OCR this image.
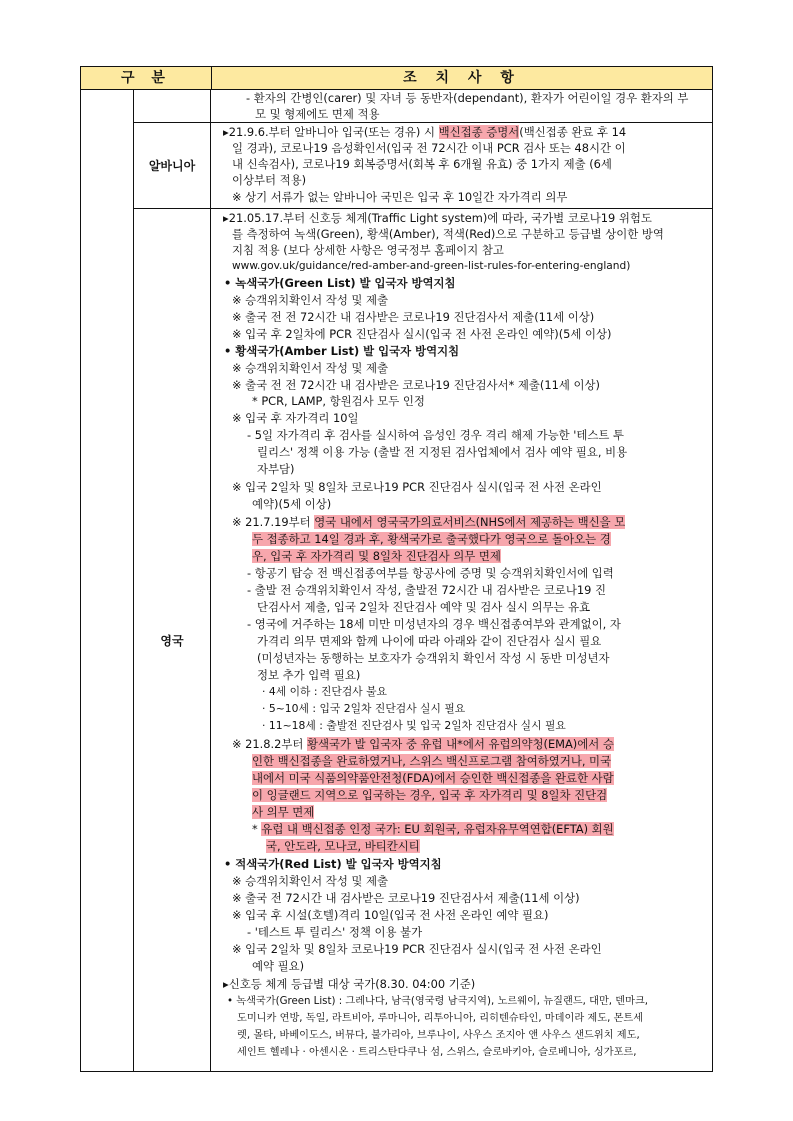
구 분	조 치 사 항
알바니아
영국
- 환자의 간병인(carer) 및 자녀 등 동반자(dependant), 환자가 어린이일 경우 환자의 부
모 및 형제에도 면제 적용
▸21.9.6.부터 알바니아 입국(또는 경유) 시 백신접종 증명서(백신접종 완료 후 14
일 경과), 코로나19 음성확인서(입국 전 72시간 이내 PCR 검사 또는 48시간 이
내 신속검사), 코로나19 회복증명서(회복 후 6개월 유효) 중 1가지 제출 (6세
이상부터 적용)
※ 상기 서류가 없는 알바니아 국민은 입국 후 10일간 자가격리 의무
▸21.05.17.부터 신호등 체계(Traffic Light system)에 따라, 국가별 코로나19 위험도
를 측정하여 녹색(Green), 황색(Amber), 적색(Red)으로 구분하고 등급별 상이한 방역
지침 적용 (보다 상세한 사항은 영국정부 홈페이지 참고
www.gov.uk/guidance/red-amber-and-green-list-rules-for-entering-england)
• 녹색국가(Green List) 발 입국자 방역지침
※ 승객위치확인서 작성 및 제출
※ 출국 전 전 72시간 내 검사받은 코로나19 진단검사서 제출(11세 이상)
※ 입국 후 2일차에 PCR 진단검사 실시(입국 전 사전 온라인 예약)(5세 이상)
• 황색국가(Amber List) 발 입국자 방역지침
※ 승객위치확인서 작성 및 제출
※ 출국 전 전 72시간 내 검사받은 코로나19 진단검사서* 제출(11세 이상)
* PCR, LAMP, 항원검사 모두 인정
※ 입국 후 자가격리 10일
- 5일 자가격리 후 검사를 실시하여 음성인 경우 격리 해제 가능한 '테스트 투
릴리스' 정책 이용 가능 (출발 전 지정된 검사업체에서 검사 예약 필요, 비용
자부담)
※ 입국 2일차 및 8일차 코로나19 PCR 진단검사 실시(입국 전 사전 온라인
예약)(5세 이상)
※ 21.7.19부터 영국 내에서 영국국가의료서비스(NHS에서 제공하는 백신을 모
두 접종하고 14일 경과 후, 황색국가로 출국했다가 영국으로 돌아오는 경
우, 입국 후 자가격리 및 8일차 진단검사 의무 면제
- 항공기 탑승 전 백신접종여부를 항공사에 증명 및 승객위치확인서에 입력
- 출발 전 승객위치확인서 작성, 출발전 72시간 내 검사받은 코로나19 진
단검사서 제출, 입국 2일차 진단검사 예약 및 검사 실시 의무는 유효
- 영국에 거주하는 18세 미만 미성년자의 경우 백신접종여부와 관계없이, 자
가격리 의무 면제와 함께 나이에 따라 아래와 같이 진단검사 실시 필요
(미성년자는 동행하는 보호자가 승객위치 확인서 작성 시 동반 미성년자
정보 추가 입력 필요)
· 4세 이하 : 진단검사 불요
· 5~10세 : 입국 2일차 진단검사 실시 필요
· 11~18세 : 출발전 진단검사 및 입국 2일차 진단검사 실시 필요
※ 21.8.2부터 황색국가 발 입국자 중 유럽 내*에서 유럽의약청(EMA)에서 승
인한 백신접종을 완료하였거나, 스위스 백신프로그램 참여하였거나, 미국
내에서 미국 식품의약품안전청(FDA)에서 승인한 백신접종을 완료한 사람
이 잉글랜드 지역으로 입국하는 경우, 입국 후 자가격리 및 8일차 진단검
사 의무 면제
* 유럽 내 백신접종 인정 국가: EU 회원국, 유럽자유무역연합(EFTA) 회원
국, 안도라, 모나코, 바티칸시티
• 적색국가(Red List) 발 입국자 방역지침
※ 승객위치확인서 작성 및 제출
※ 출국 전 72시간 내 검사받은 코로나19 진단검사서 제출(11세 이상)
※ 입국 후 시설(호텔)격리 10일(입국 전 사전 온라인 예약 필요)
- '테스트 투 릴리스' 정책 이용 불가
※ 입국 2일차 및 8일차 코로나19 PCR 진단검사 실시(입국 전 사전 온라인
예약 필요)
▸신호등 체계 등급별 대상 국가(8.30. 04:00 기준)
• 녹색국가(Green List) : 그레나다, 남극(영국령 남극지역), 노르웨이, 뉴질랜드, 대만, 덴마크,
도미니카 연방, 독일, 라트비아, 루마니아, 리투아니아, 리히텐슈타인, 마데이라 제도, 몬트세
렛, 몰타, 바베이도스, 버뮤다, 불가리아, 브루나이, 사우스 조지아 앤 사우스 샌드위치 제도,
세인트 헬레나 · 아센시온 · 트리스탄다쿠나 섬, 스위스, 슬로바키아, 슬로베니아, 싱가포르,
